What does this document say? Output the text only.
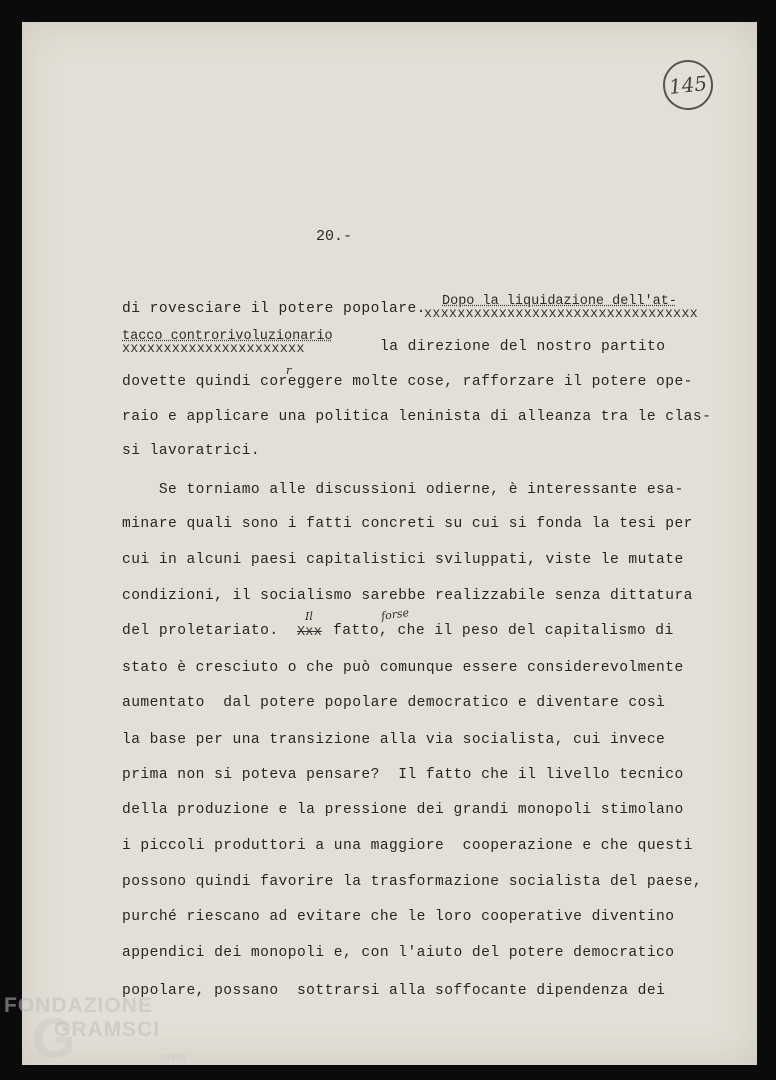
145
20.-
di rovesciare il potere popolare. Dopo la liquidazione dell'at-
xxxxxxxxxxxxxxxxxxxxxxxxxxxxxxxxx
tacco controrivoluzionario
xxxxxxxxxxxxxxxxxxxxxx	la direzione del nostro partito
r
dovette quindi coreggere molte cose, rafforzare il potere ope-
raio e applicare una politica leninista di alleanza tra le clas-
si lavoratrici.
Se torniamo alle discussioni odierne, è interessante esa-
minare quali sono i fatti concreti su cui si fonda la tesi per
cui in alcuni paesi capitalistici sviluppati, viste le mutate
condizioni, il socialismo sarebbe realizzabile senza dittatura
del proletariato. Xxx
Il	forse
fatto, che il peso del capitalismo di
stato è cresciuto o che può comunque essere considerevolmente
aumentato  dal potere popolare democratico e diventare così
la base per una transizione alla via socialista, cui invece
prima non si poteva pensare?  Il fatto che il livello tecnico
della produzione e la pressione dei grandi monopoli stimolano
i piccoli produttori a una maggiore  cooperazione e che questi
possono quindi favorire la trasformazione socialista del paese,
purché riescano ad evitare che le loro cooperative diventino
appendici dei monopoli e, con l'aiuto del potere democratico
popolare, possano  sottrarsi alla soffocante dipendenza dei
G
FONDAZIONE
GRAMSCI
onlus
